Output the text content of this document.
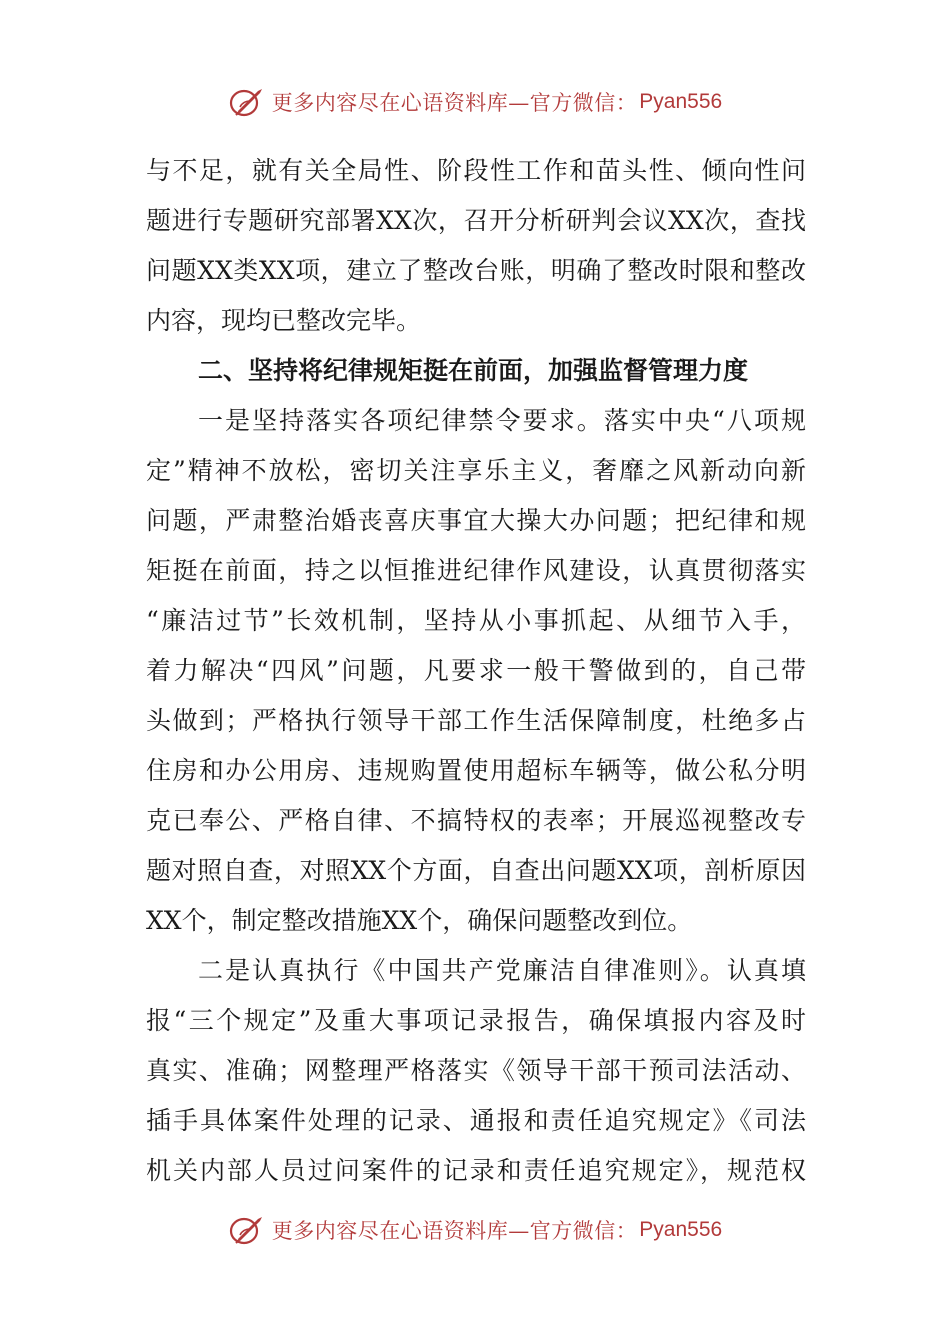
更多内容尽在心语资料库—官方微信： Pyan556
与不足，就有关全局性、阶段性工作和苗头性、倾向性问
题进行专题研究部署XX次，召开分析研判会议XX次，查找
问题XX类XX项，建立了整改台账，明确了整改时限和整改
内容，现均已整改完毕。
二、坚持将纪律规矩挺在前面，加强监督管理力度
一是坚持落实各项纪律禁令要求。落实中央“八项规
定”精神不放松，密切关注享乐主义，奢靡之风新动向新
问题，严肃整治婚丧喜庆事宜大操大办问题；把纪律和规
矩挺在前面，持之以恒推进纪律作风建设，认真贯彻落实
“廉洁过节”长效机制，坚持从小事抓起、从细节入手，
着力解决“四风”问题，凡要求一般干警做到的，自己带
头做到；严格执行领导干部工作生活保障制度，杜绝多占
住房和办公用房、违规购置使用超标车辆等，做公私分明
克已奉公、严格自律、不搞特权的表率；开展巡视整改专
题对照自查，对照XX个方面，自查出问题XX项，剖析原因
XX个，制定整改措施XX个，确保问题整改到位。
二是认真执行《中国共产党廉洁自律准则》。认真填
报“三个规定”及重大事项记录报告，确保填报内容及时
真实、准确；网整理严格落实《领导干部干预司法活动、
插手具体案件处理的记录、通报和责任追究规定》《司法
机关内部人员过问案件的记录和责任追究规定》，规范权
更多内容尽在心语资料库—官方微信： Pyan556
